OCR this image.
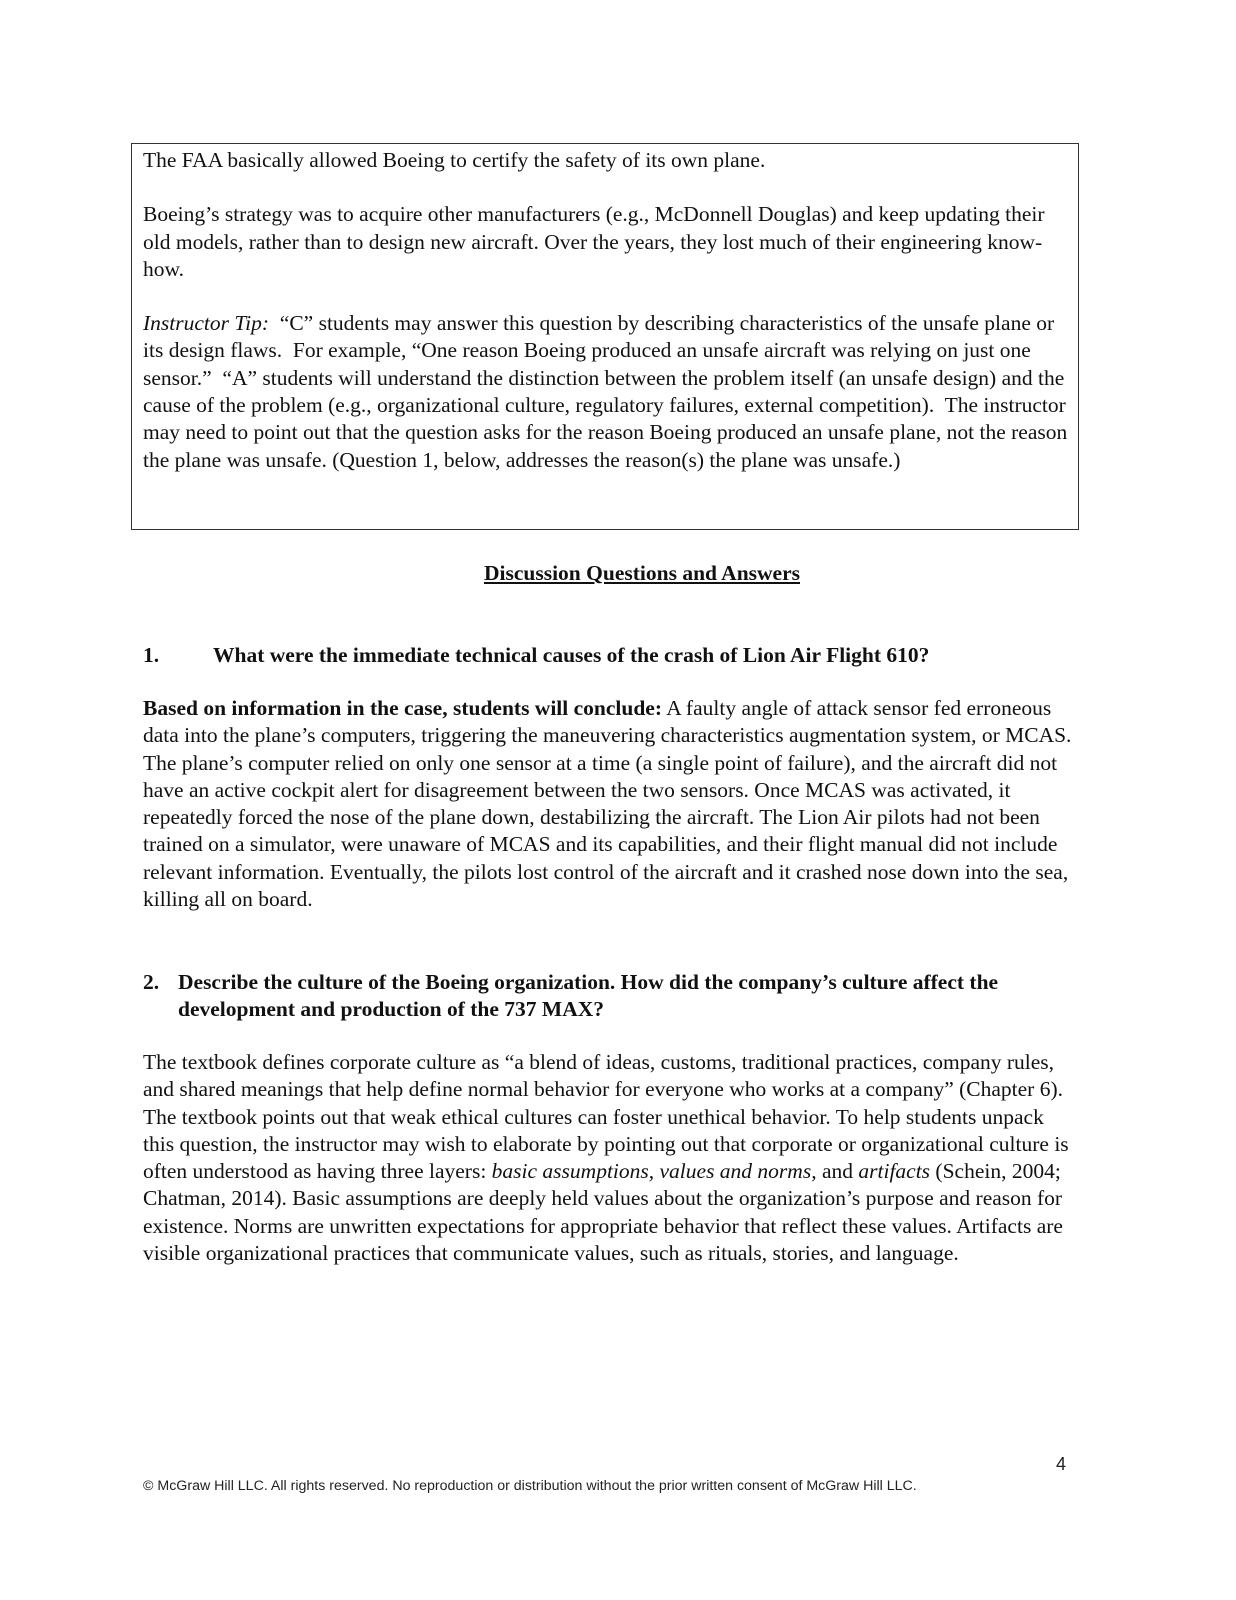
The FAA basically allowed Boeing to certify the safety of its own plane.

Boeing’s strategy was to acquire other manufacturers (e.g., McDonnell Douglas) and keep updating their old models, rather than to design new aircraft. Over the years, they lost much of their engineering know-how.

Instructor Tip:  “C” students may answer this question by describing characteristics of the unsafe plane or its design flaws.  For example, “One reason Boeing produced an unsafe aircraft was relying on just one sensor.”  “A” students will understand the distinction between the problem itself (an unsafe design) and the cause of the problem (e.g., organizational culture, regulatory failures, external competition).  The instructor may need to point out that the question asks for the reason Boeing produced an unsafe plane, not the reason the plane was unsafe. (Question 1, below, addresses the reason(s) the plane was unsafe.)

Discussion Questions and Answers
1.	What were the immediate technical causes of the crash of Lion Air Flight 610?

Based on information in the case, students will conclude: A faulty angle of attack sensor fed erroneous data into the plane’s computers, triggering the maneuvering characteristics augmentation system, or MCAS. The plane’s computer relied on only one sensor at a time (a single point of failure), and the aircraft did not have an active cockpit alert for disagreement between the two sensors. Once MCAS was activated, it repeatedly forced the nose of the plane down, destabilizing the aircraft. The Lion Air pilots had not been trained on a simulator, were unaware of MCAS and its capabilities, and their flight manual did not include relevant information. Eventually, the pilots lost control of the aircraft and it crashed nose down into the sea, killing all on board.

2. Describe the culture of the Boeing organization. How did the company’s culture affect the development and production of the 737 MAX?

The textbook defines corporate culture as “a blend of ideas, customs, traditional practices, company rules, and shared meanings that help define normal behavior for everyone who works at a company” (Chapter 6). The textbook points out that weak ethical cultures can foster unethical behavior. To help students unpack this question, the instructor may wish to elaborate by pointing out that corporate or organizational culture is often understood as having three layers: basic assumptions, values and norms, and artifacts (Schein, 2004; Chatman, 2014). Basic assumptions are deeply held values about the organization’s purpose and reason for existence. Norms are unwritten expectations for appropriate behavior that reflect these values. Artifacts are visible organizational practices that communicate values, such as rituals, stories, and language.

4
© McGraw Hill LLC. All rights reserved. No reproduction or distribution without the prior written consent of McGraw Hill LLC.
